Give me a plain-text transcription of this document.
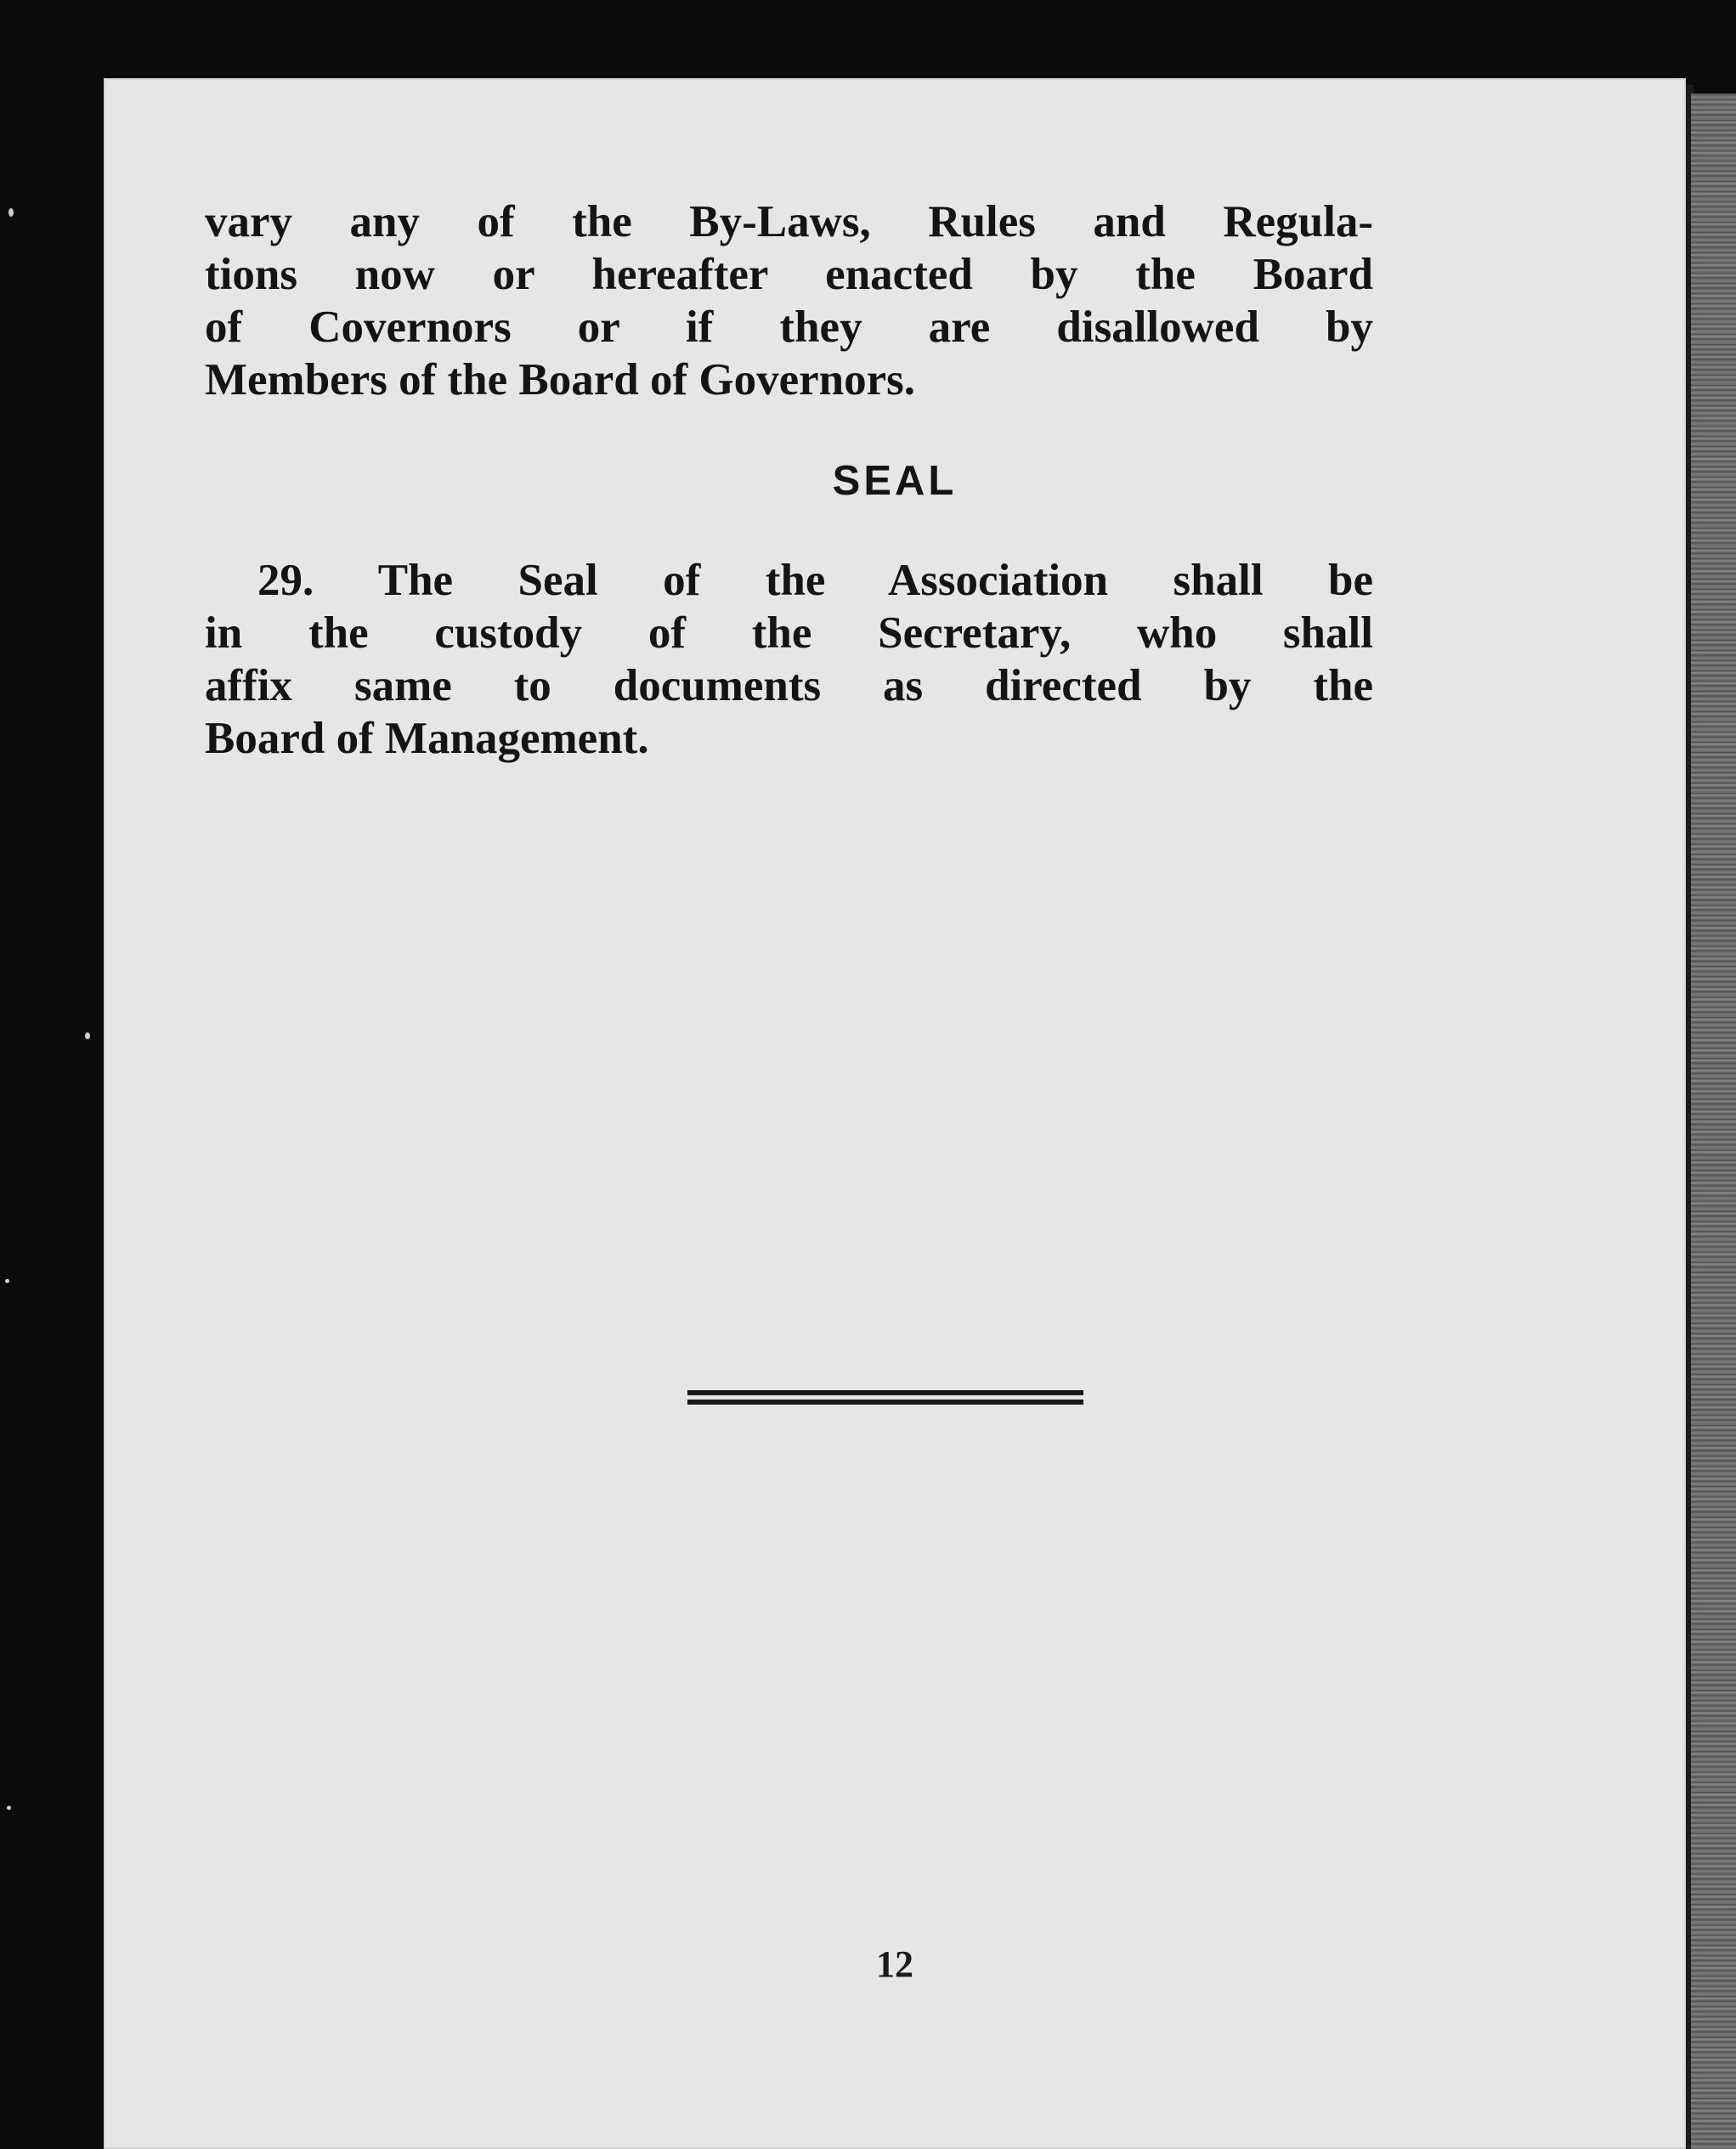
vary any of the By-Laws, Rules and Regula-
tions now or hereafter enacted by the Board
of Covernors or if they are disallowed by
Members of the Board of Governors.
SEAL
29. The Seal of the Association shall be
in the custody of the Secretary, who shall
affix same to documents as directed by the
Board of Management.
12
